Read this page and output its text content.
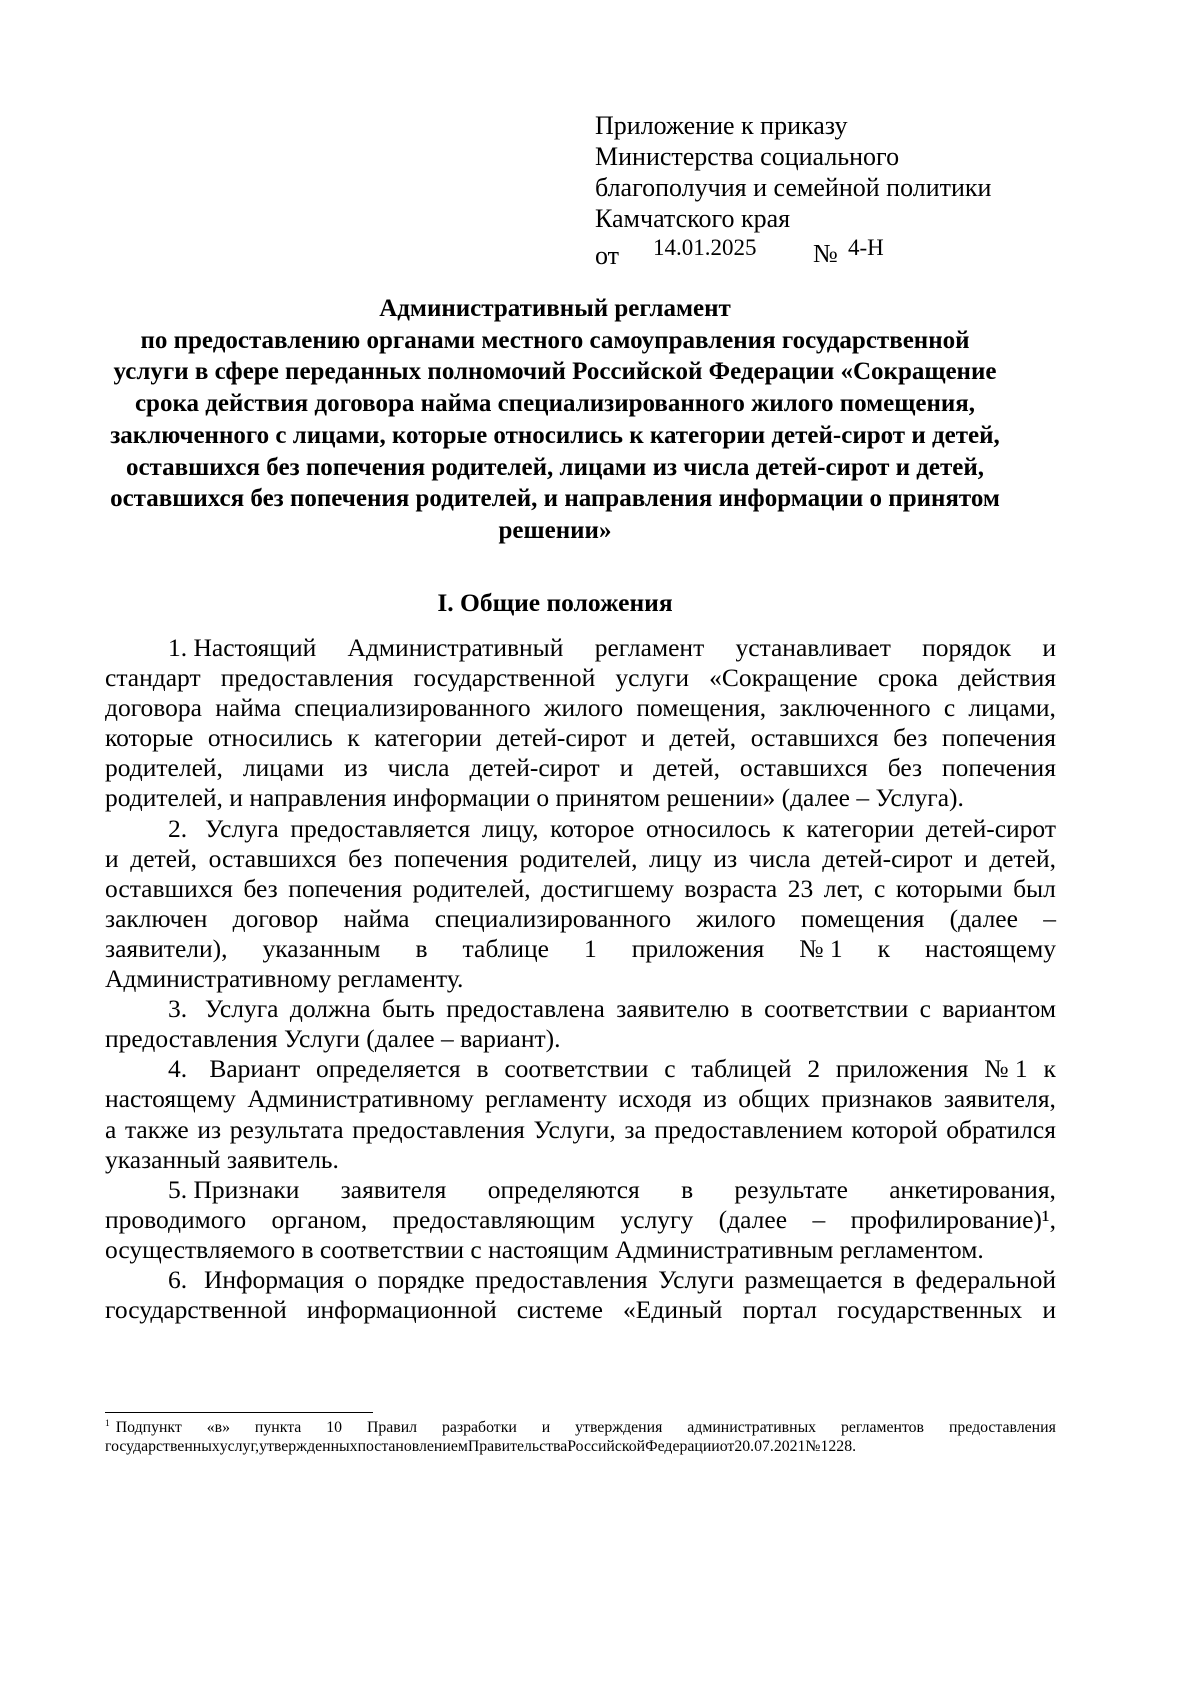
Приложение к приказу
Министерства социального
благополучия и семейной политики
Камчатского края
от 14.01.2025 № 4-Н
Административный регламент
по предоставлению органами местного самоуправления государственной
услуги в сфере переданных полномочий Российской Федерации «Сокращение
срока действия договора найма специализированного жилого помещения,
заключенного с лицами, которые относились к категории детей-сирот и детей,
оставшихся без попечения родителей, лицами из числа детей-сирот и детей,
оставшихся без попечения родителей, и направления информации о принятом
решении»
I. Общие положения
1. Настоящий Административный регламент устанавливает порядок и
стандарт предоставления государственной услуги «Сокращение срока действия
договора найма специализированного жилого помещения, заключенного с лицами,
которые относились к категории детей-сирот и детей, оставшихся без попечения
родителей, лицами из числа детей-сирот и детей, оставшихся без попечения
родителей, и направления информации о принятом решении» (далее – Услуга).
2. Услуга предоставляется лицу, которое относилось к категории детей-сирот
и детей, оставшихся без попечения родителей, лицу из числа детей-сирот и детей,
оставшихся без попечения родителей, достигшему возраста 23 лет, с которыми был
заключен договор найма специализированного жилого помещения (далее –
заявители), указанным в таблице 1 приложения № 1 к настоящему
Административному регламенту.
3. Услуга должна быть предоставлена заявителю в соответствии с вариантом
предоставления Услуги (далее – вариант).
4. Вариант определяется в соответствии с таблицей 2 приложения № 1 к
настоящему Административному регламенту исходя из общих признаков заявителя,
а также из результата предоставления Услуги, за предоставлением которой обратился
указанный заявитель.
5. Признаки заявителя определяются в результате анкетирования,
проводимого органом, предоставляющим услугу (далее – профилирование)¹,
осуществляемого в соответствии с настоящим Административным регламентом.
6. Информация о порядке предоставления Услуги размещается в федеральной
государственной информационной системе «Единый портал государственных и
$^1$ Подпункт «в» пункта 10 Правил разработки и утверждения административных регламентов предоставления
государственных услуг, утвержденных постановлением Правительства Российской Федерации от 20.07.2021 № 1228.
